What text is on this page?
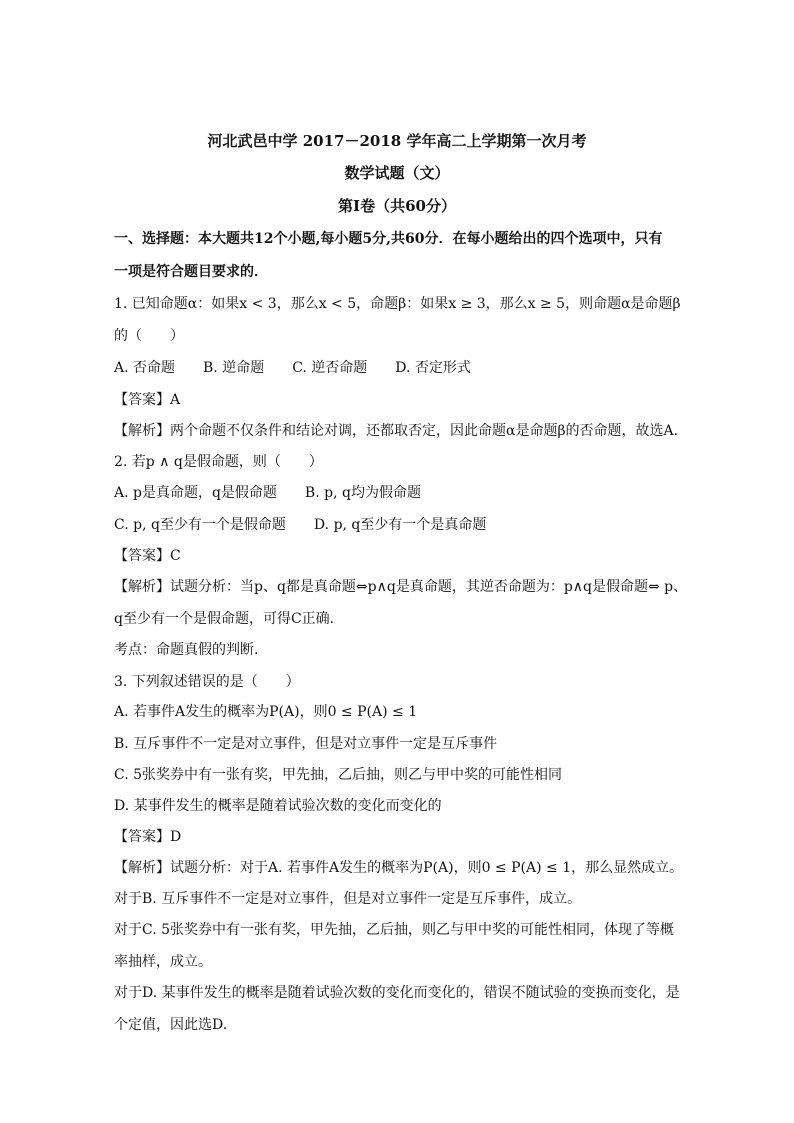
河北武邑中学 2017－2018 学年高二上学期第一次月考
数学试题（文）
第Ⅰ卷（共60分）
一、选择题：本大题共12个小题,每小题5分,共60分．在每小题给出的四个选项中，只有
一项是符合题目要求的．
1. 已知命题α：如果x < 3，那么x < 5，命题β：如果x ≥ 3，那么x ≥ 5，则命题α是命题β
的（　　）
A. 否命题　　B. 逆命题　　C. 逆否命题　　D. 否定形式
【答案】A
【解析】两个命题不仅条件和结论对调，还都取否定，因此命题α是命题β的否命题，故选A.
2. 若p ∧ q是假命题，则（　　）
A. p是真命题，q是假命题　　B. p, q均为假命题
C. p, q至少有一个是假命题　　D. p, q至少有一个是真命题
【答案】C
【解析】试题分析：当p、q都是真命题⇔p∧q是真命题，其逆否命题为：p∧q是假命题⇔ p、
q至少有一个是假命题，可得C正确.
考点：命题真假的判断.
3. 下列叙述错误的是（　　）
A. 若事件A发生的概率为P(A)，则0 ≤ P(A) ≤ 1
B. 互斥事件不一定是对立事件，但是对立事件一定是互斥事件
C. 5张奖券中有一张有奖，甲先抽，乙后抽，则乙与甲中奖的可能性相同
D. 某事件发生的概率是随着试验次数的变化而变化的
【答案】D
【解析】试题分析：对于A. 若事件A发生的概率为P(A)，则0 ≤ P(A) ≤ 1，那么显然成立。
对于B. 互斥事件不一定是对立事件，但是对立事件一定是互斥事件，成立。
对于C. 5张奖券中有一张有奖，甲先抽，乙后抽，则乙与甲中奖的可能性相同，体现了等概
率抽样，成立。
对于D. 某事件发生的概率是随着试验次数的变化而变化的，错误不随试验的变换而变化，是
个定值，因此选D.
